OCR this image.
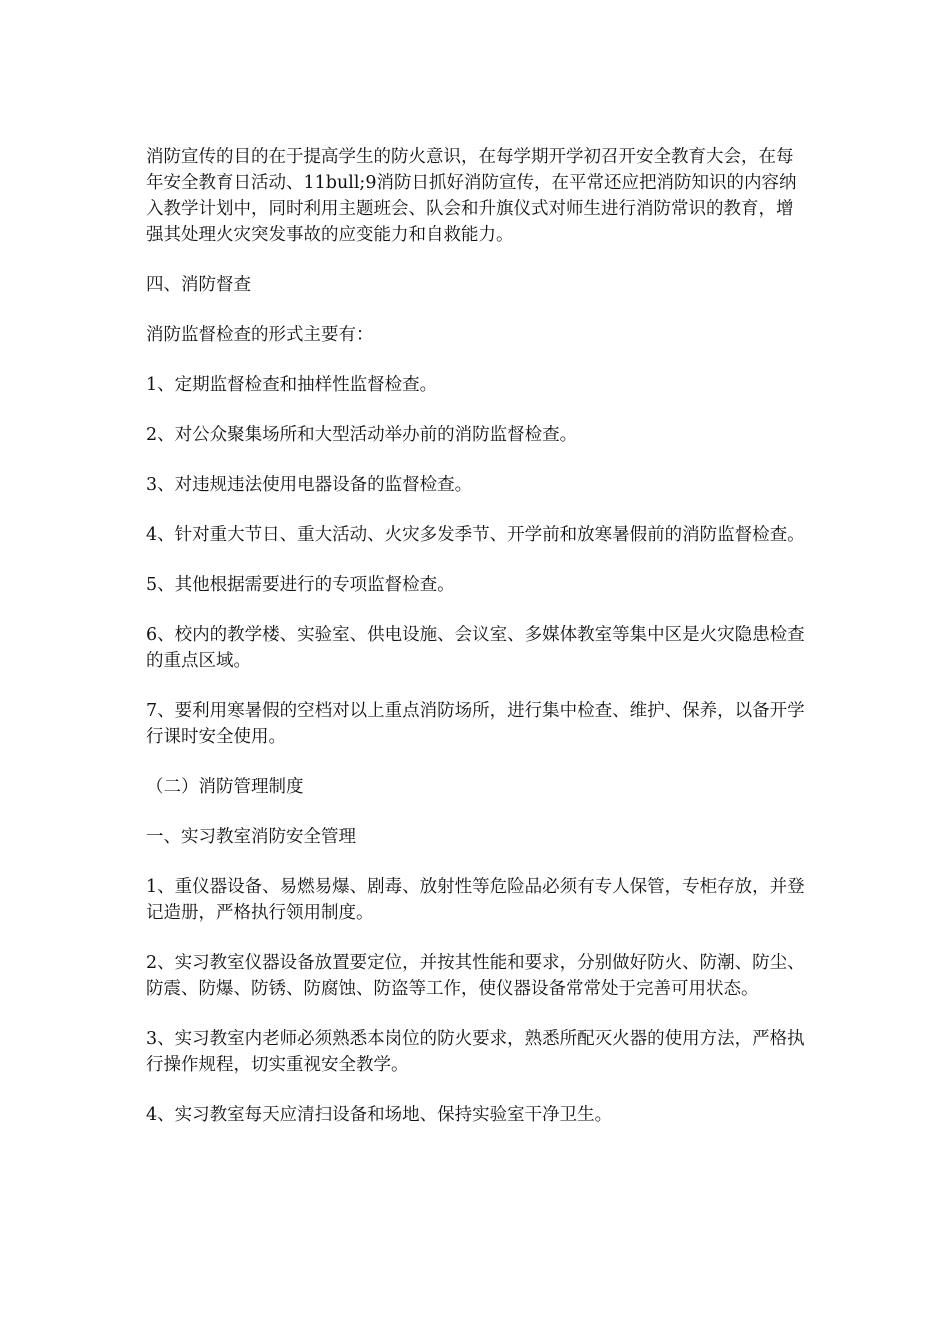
消防宣传的目的在于提高学生的防火意识，在每学期开学初召开安全教育大会，在每年安全教育日活动、11bull;9消防日抓好消防宣传，在平常还应把消防知识的内容纳入教学计划中，同时利用主题班会、队会和升旗仪式对师生进行消防常识的教育，增强其处理火灾突发事故的应变能力和自救能力。

四、消防督查

消防监督检查的形式主要有：

1、定期监督检查和抽样性监督检查。

2、对公众聚集场所和大型活动举办前的消防监督检查。

3、对违规违法使用电器设备的监督检查。

4、针对重大节日、重大活动、火灾多发季节、开学前和放寒暑假前的消防监督检查。

5、其他根据需要进行的专项监督检查。

6、校内的教学楼、实验室、供电设施、会议室、多媒体教室等集中区是火灾隐患检查的重点区域。

7、要利用寒暑假的空档对以上重点消防场所，进行集中检查、维护、保养，以备开学行课时安全使用。

（二）消防管理制度

一、实习教室消防安全管理

1、重仪器设备、易燃易爆、剧毒、放射性等危险品必须有专人保管，专柜存放，并登记造册，严格执行领用制度。

2、实习教室仪器设备放置要定位，并按其性能和要求，分别做好防火、防潮、防尘、防震、防爆、防锈、防腐蚀、防盗等工作，使仪器设备常常处于完善可用状态。

3、实习教室内老师必须熟悉本岗位的防火要求，熟悉所配灭火器的使用方法，严格执行操作规程，切实重视安全教学。

4、实习教室每天应清扫设备和场地、保持实验室干净卫生。
